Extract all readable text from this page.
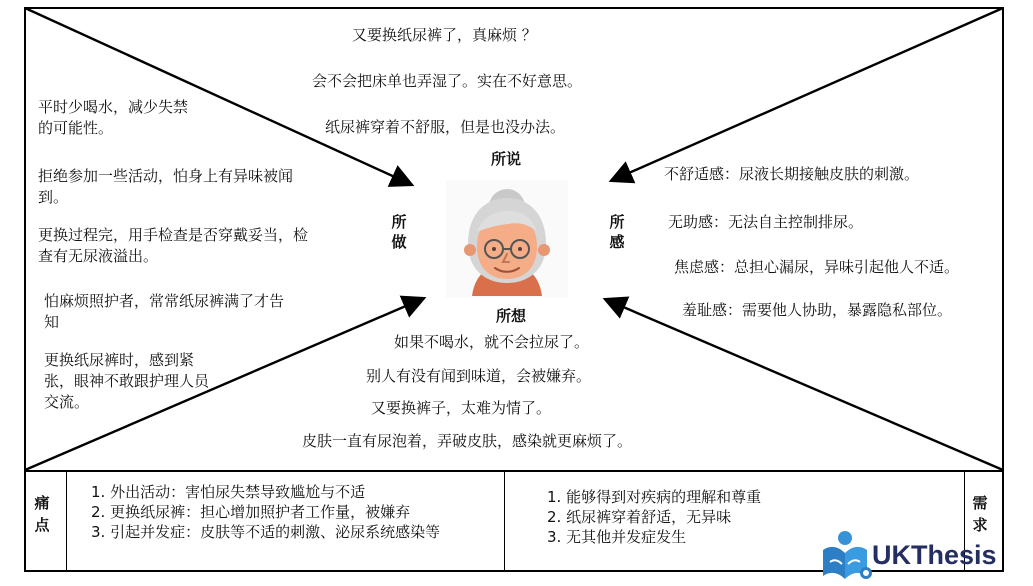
所说
所做
所感
所想
又要换纸尿裤了，真麻烦 ？
会不会把床单也弄湿了。实在不好意思。
纸尿裤穿着不舒服，但是也没办法。
平时少喝水，减少失禁的可能性。
拒绝参加一些活动，怕身上有异味被闻到。
更换过程完，用手检查是否穿戴妥当，检查有无尿液溢出。
怕麻烦照护者，常常纸尿裤满了才告知
更换纸尿裤时，感到紧张，眼神不敢跟护理人员交流。
不舒适感：尿液长期接触皮肤的刺激。
无助感：无法自主控制排尿。
焦虑感：总担心漏尿，异味引起他人不适。
羞耻感：需要他人协助，暴露隐私部位。
如果不喝水，就不会拉尿了。
别人有没有闻到味道，会被嫌弃。
又要换裤子，太难为情了。
皮肤一直有尿泡着，弄破皮肤，感染就更麻烦了。
痛点
1. 外出活动：害怕尿失禁导致尴尬与不适
2. 更换纸尿裤：担心增加照护者工作量，被嫌弃
3. 引起并发症：皮肤等不适的刺激、泌尿系统感染等
1. 能够得到对疾病的理解和尊重
2. 纸尿裤穿着舒适，无异味
3. 无其他并发症发生
需求
UKThesis
